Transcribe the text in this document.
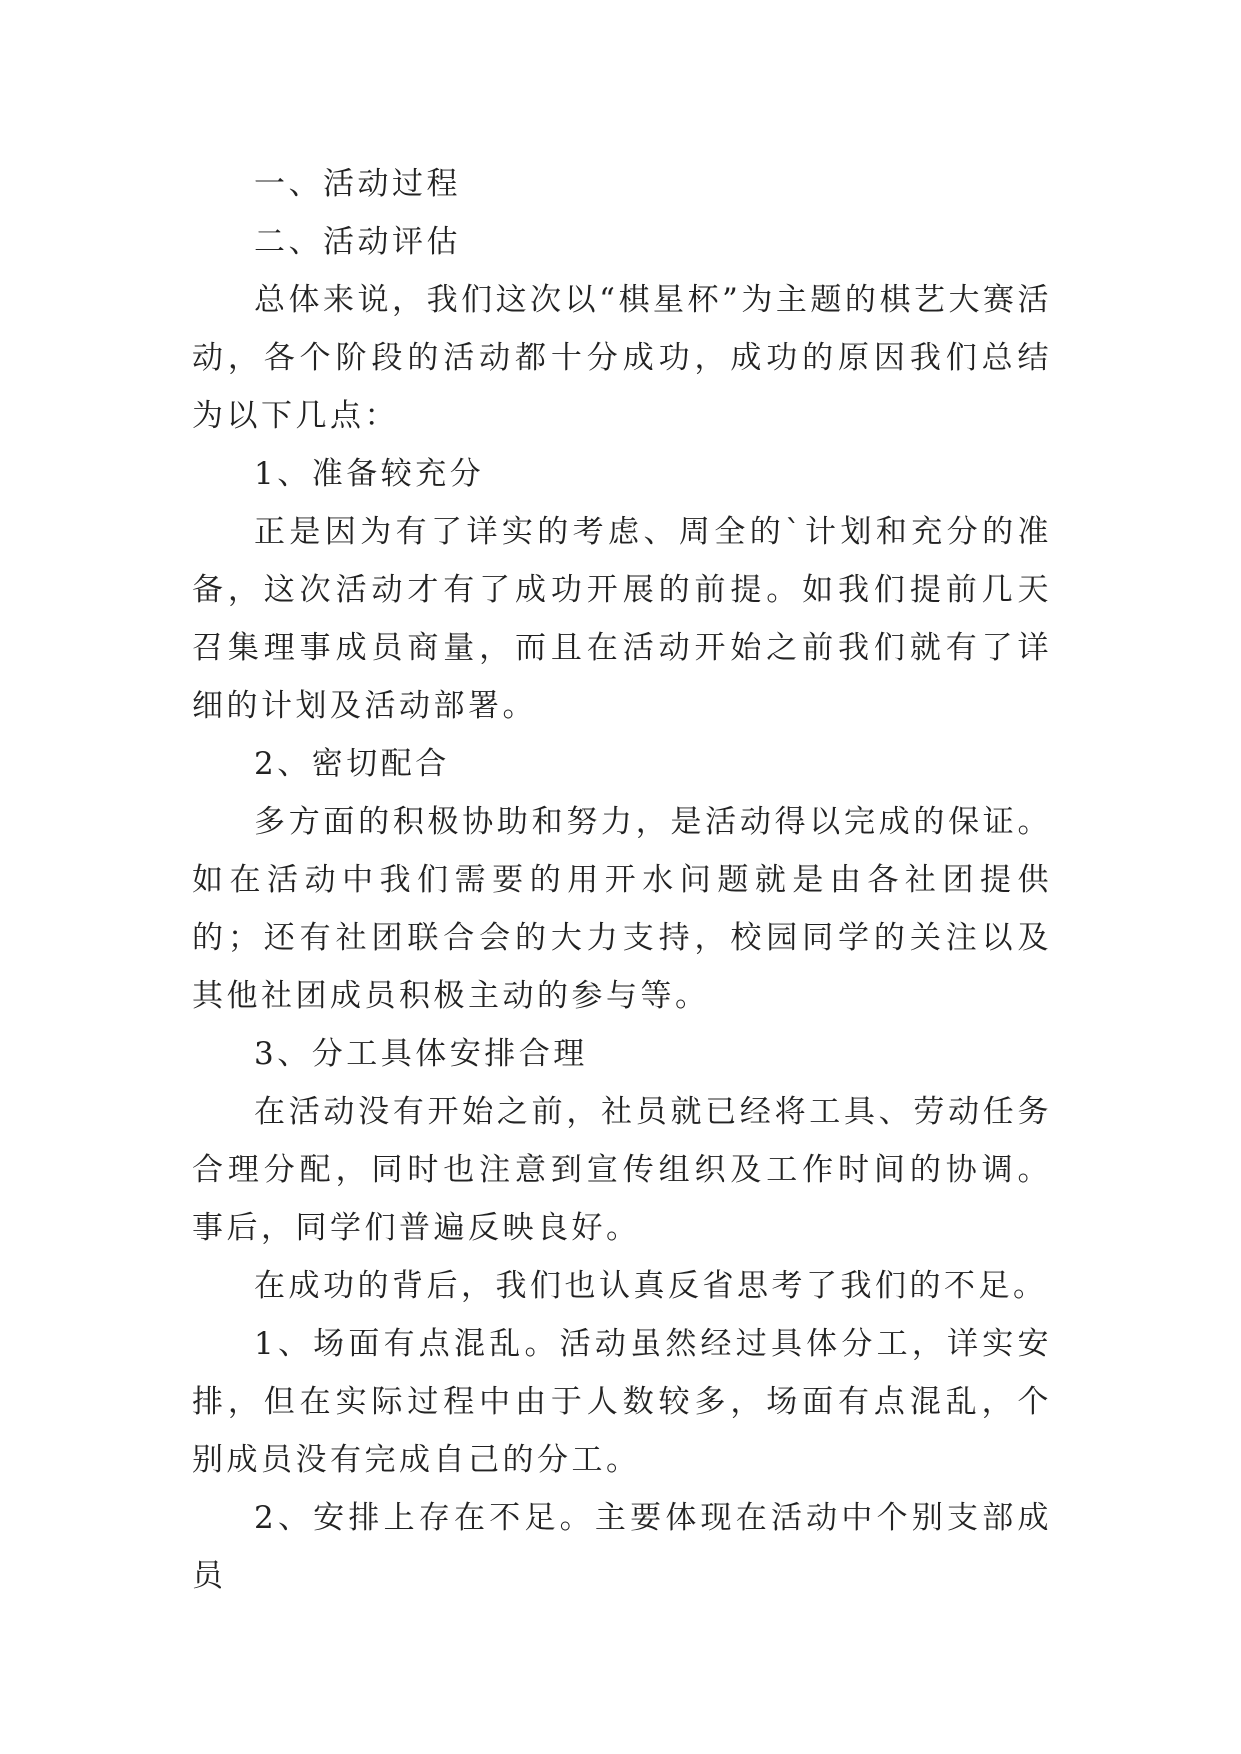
一、活动过程

二、活动评估

总体来说，我们这次以“棋星杯”为主题的棋艺大赛活动，各个阶段的活动都十分成功，成功的原因我们总结为以下几点：

1、准备较充分

正是因为有了详实的考虑、周全的`计划和充分的准备，这次活动才有了成功开展的前提。如我们提前几天召集理事成员商量，而且在活动开始之前我们就有了详细的计划及活动部署。

2、密切配合

多方面的积极协助和努力，是活动得以完成的保证。如在活动中我们需要的用开水问题就是由各社团提供的；还有社团联合会的大力支持，校园同学的关注以及其他社团成员积极主动的参与等。

3、分工具体安排合理

在活动没有开始之前，社员就已经将工具、劳动任务合理分配，同时也注意到宣传组织及工作时间的协调。事后，同学们普遍反映良好。

在成功的背后，我们也认真反省思考了我们的不足。

1、场面有点混乱。活动虽然经过具体分工，详实安排，但在实际过程中由于人数较多，场面有点混乱，个别成员没有完成自己的分工。

2、安排上存在不足。主要体现在活动中个别支部成员
